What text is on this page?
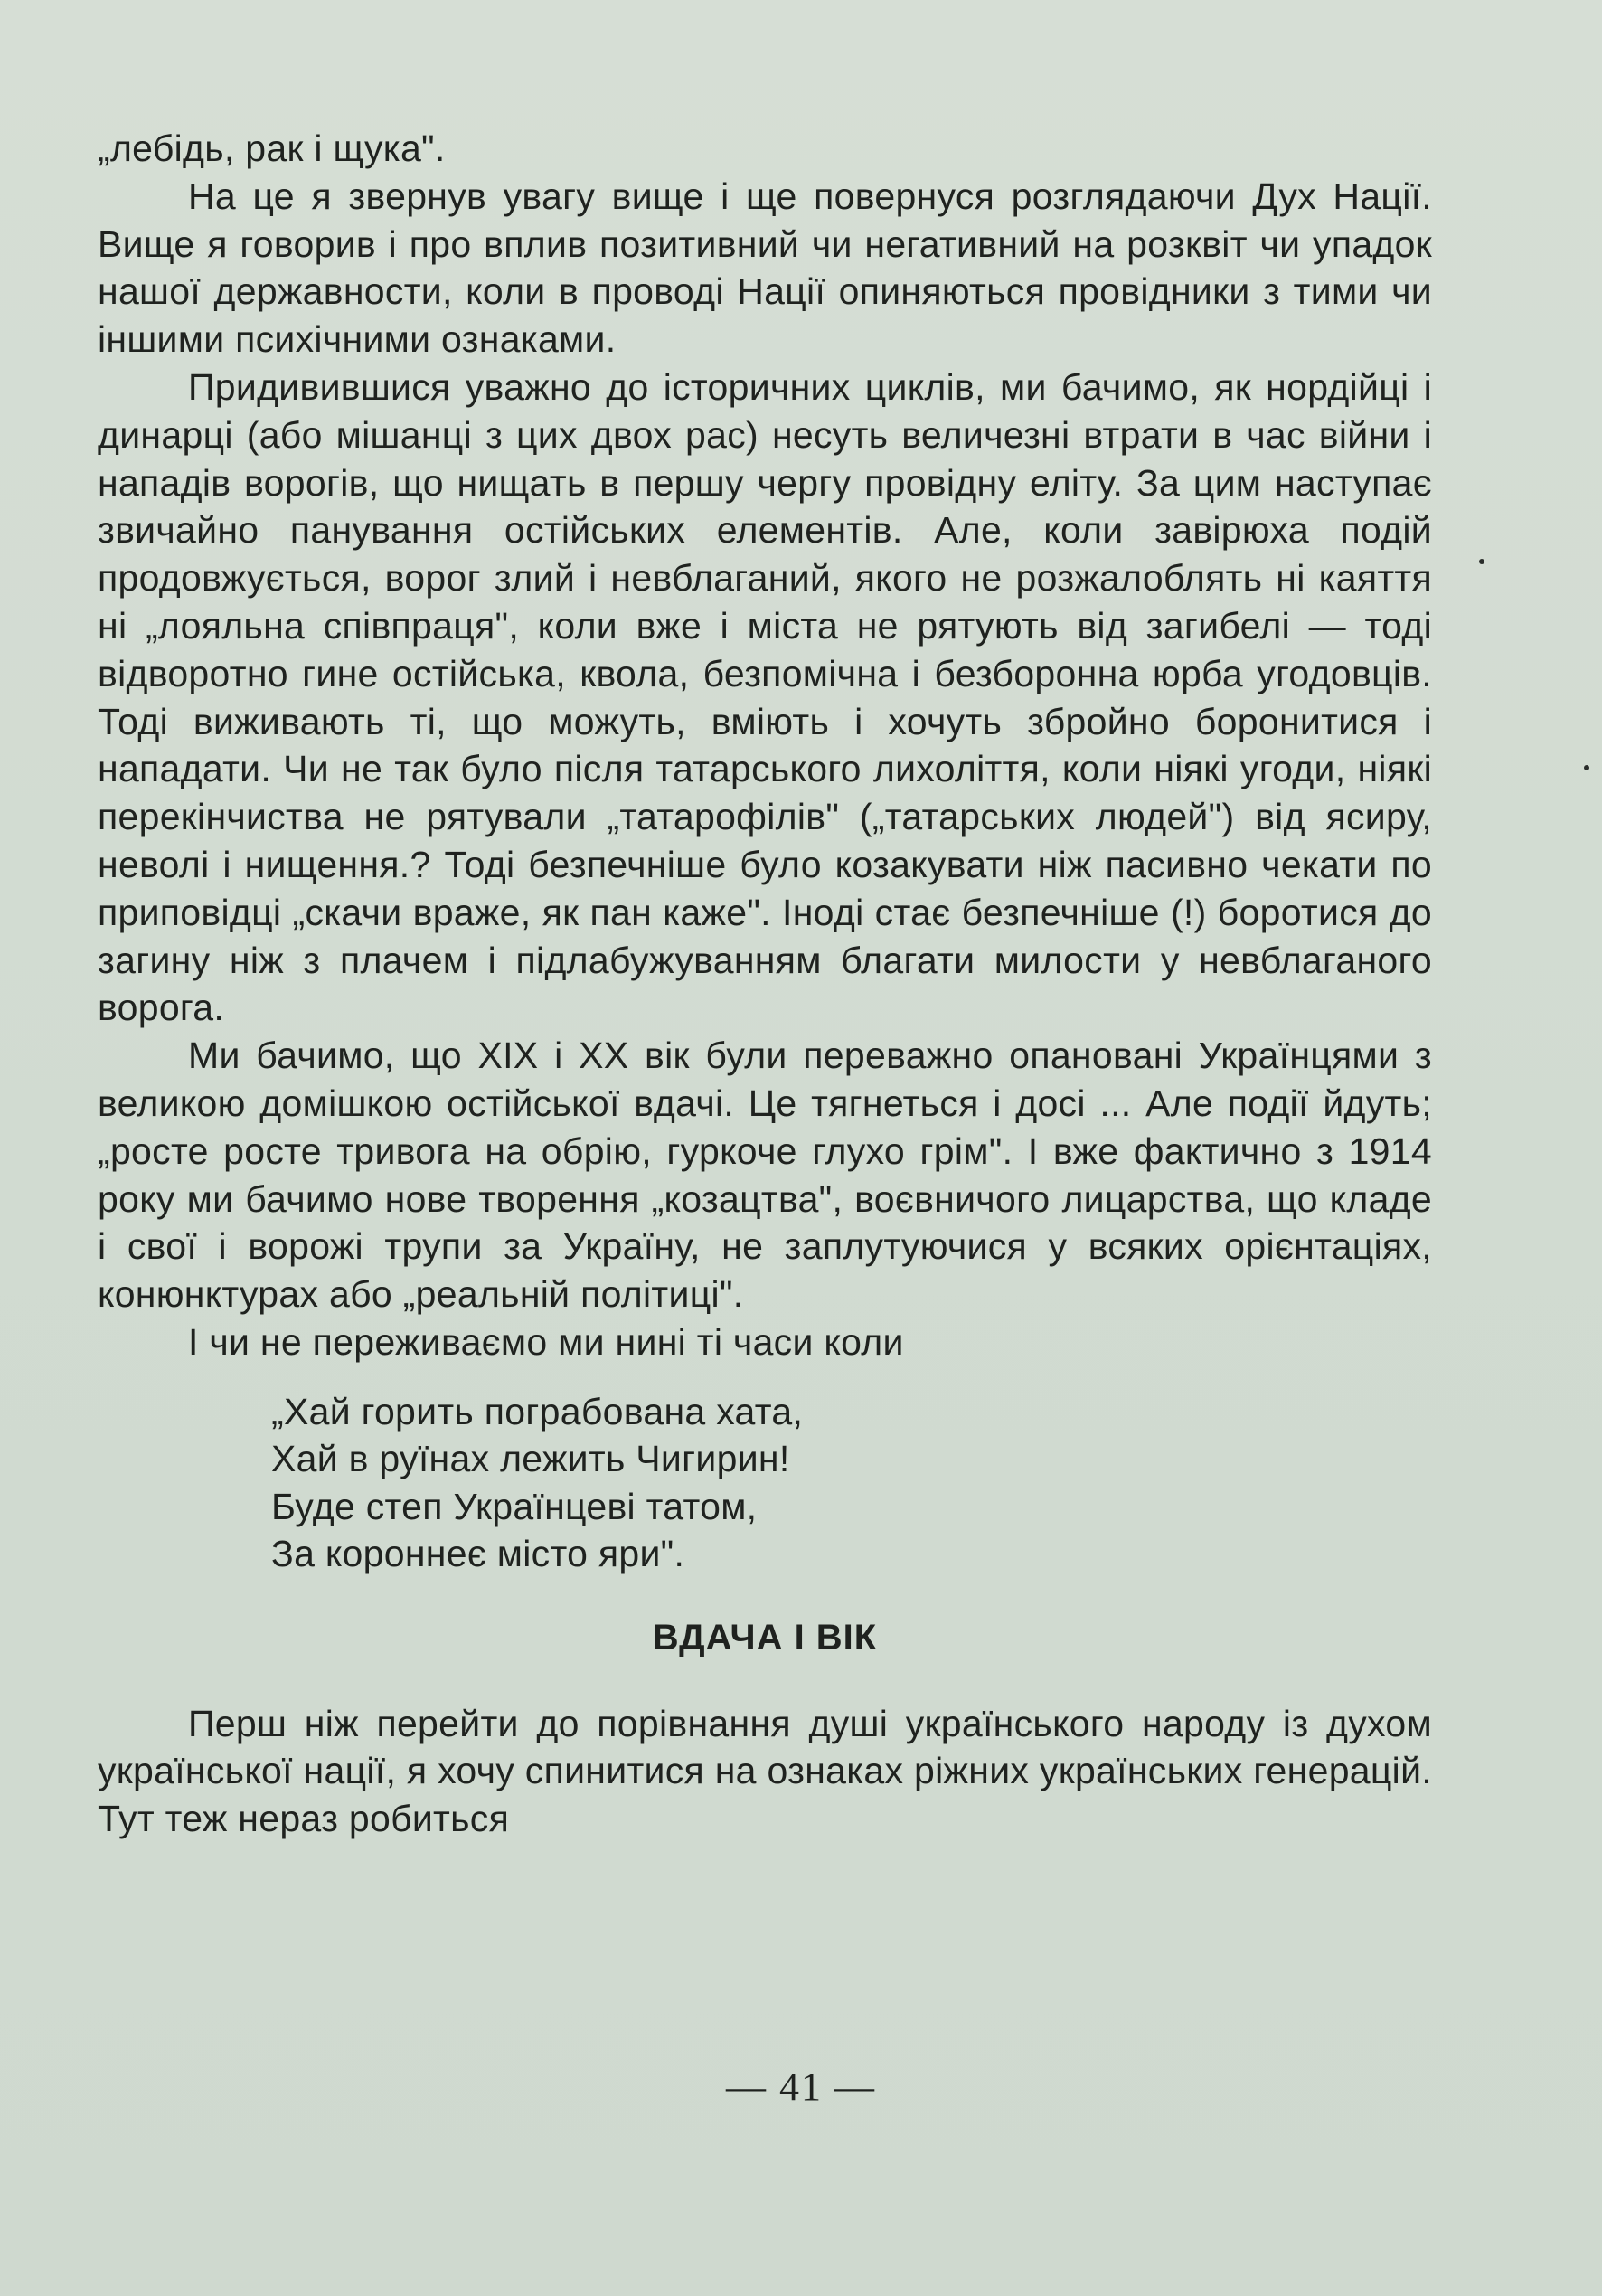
„лебідь, рак і щука".

На це я звернув увагу вище і ще повернуся розглядаючи Дух Нації. Вище я говорив і про вплив позитивний чи негативний на розквіт чи упадок нашої державности, коли в проводі Нації опиняються провідники з тими чи іншими психічними ознаками.

Придивившися уважно до історичних циклів, ми бачимо, як нордійці і динарці (або мішанці з цих двох рас) несуть величезні втрати в час війни і нападів ворогів, що нищать в першу чергу провідну еліту. За цим наступає звичайно панування остійських елементів. Але, коли завірюха подій продовжується, ворог злий і невблаганий, якого не розжалоблять ні каяття ні „лояльна співпраця", коли вже і міста не рятують від загибелі — тоді відворотно гине остійська, квола, безпомічна і безборонна юрба угодовців. Тоді виживають ті, що можуть, вміють і хочуть збройно боронитися і нападати. Чи не так було після татарського лихоліття, коли ніякі угоди, ніякі перекінчиства не рятували „татарофілів" („татарських людей") від ясиру, неволі і нищення.? Тоді безпечніше було козакувати ніж пасивно чекати по приповідці „скачи враже, як пан каже". Іноді стає безпечніше (!) боротися до загину ніж з плачем і підлабужуванням благати милости у невблаганого ворога.

Ми бачимо, що XIX і XX вік були переважно опановані Українцями з великою домішкою остійської вдачі. Це тягнеться і досі ... Але події йдуть; „росте росте тривога на обрію, гуркоче глухо грім". І вже фактично з 1914 року ми бачимо нове творення „козацтва", воєвничого лицарства, що кладе і свої і ворожі трупи за Україну, не заплутуючися у всяких орієнтаціях, конюнктурах або „реальній політиці".

І чи не переживаємо ми нині ті часи коли

„Хай горить пограбована хата,
Хай в руїнах лежить Чигирин!
Буде степ Українцеві татом,
За короннеє місто яри".
ВДАЧА І ВІК

Перш ніж перейти до порівнання душі українського народу із духом української нації, я хочу спинитися на ознаках ріжних українських генерацій. Тут теж нераз робиться

— 41 —
